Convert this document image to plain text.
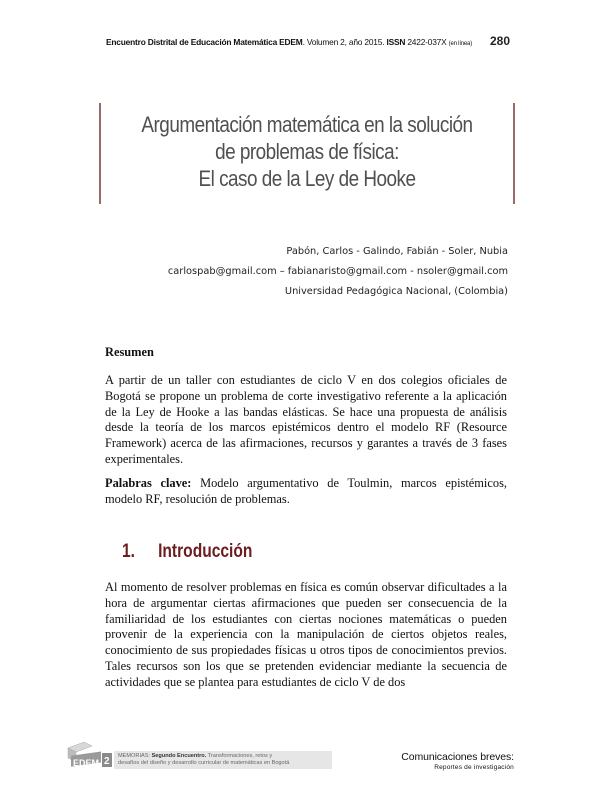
Encuentro Distrital de Educación Matemática EDEM. Volumen 2, año 2015. ISSN 2422-037X (en línea)	280
Argumentación matemática en la solución
de problemas de física:
El caso de la Ley de Hooke
Pabón, Carlos - Galindo, Fabián - Soler, Nubia
carlospab@gmail.com – fabianaristo@gmail.com - nsoler@gmail.com
Universidad Pedagógica Nacional, (Colombia)
Resumen
A partir de un taller con estudiantes de ciclo V en dos colegios oficiales de Bogotá se propone un problema de corte investigativo referente a la aplicación de la Ley de Hooke a las bandas elásticas. Se hace una propuesta de análisis desde la teoría de los marcos epistémicos dentro el modelo RF (Resource Framework) acerca de las afirmaciones, recursos y garantes a través de 3 fases experimentales.
Palabras clave: Modelo argumentativo de Toulmin, marcos epistémicos, modelo RF, resolución de problemas.
1. Introducción
Al momento de resolver problemas en física es común observar dificultades a la hora de argumentar ciertas afirmaciones que pueden ser consecuencia de la familiaridad de los estudiantes con ciertas nociones matemáticas o pueden provenir de la experiencia con la manipulación de ciertos objetos reales, conocimiento de sus propiedades físicas u otros tipos de conocimientos previos. Tales recursos son los que se pretenden evidenciar mediante la secuencia de actividades que se plantea para estudiantes de ciclo V de dos
EDEM 2 MEMORIAS: Segundo Encuentro. Transformaciones, retos y
desafíos del diseño y desarrollo curricular de matemáticas en Bogotá	Comunicaciones breves:
Reportes de investigación
